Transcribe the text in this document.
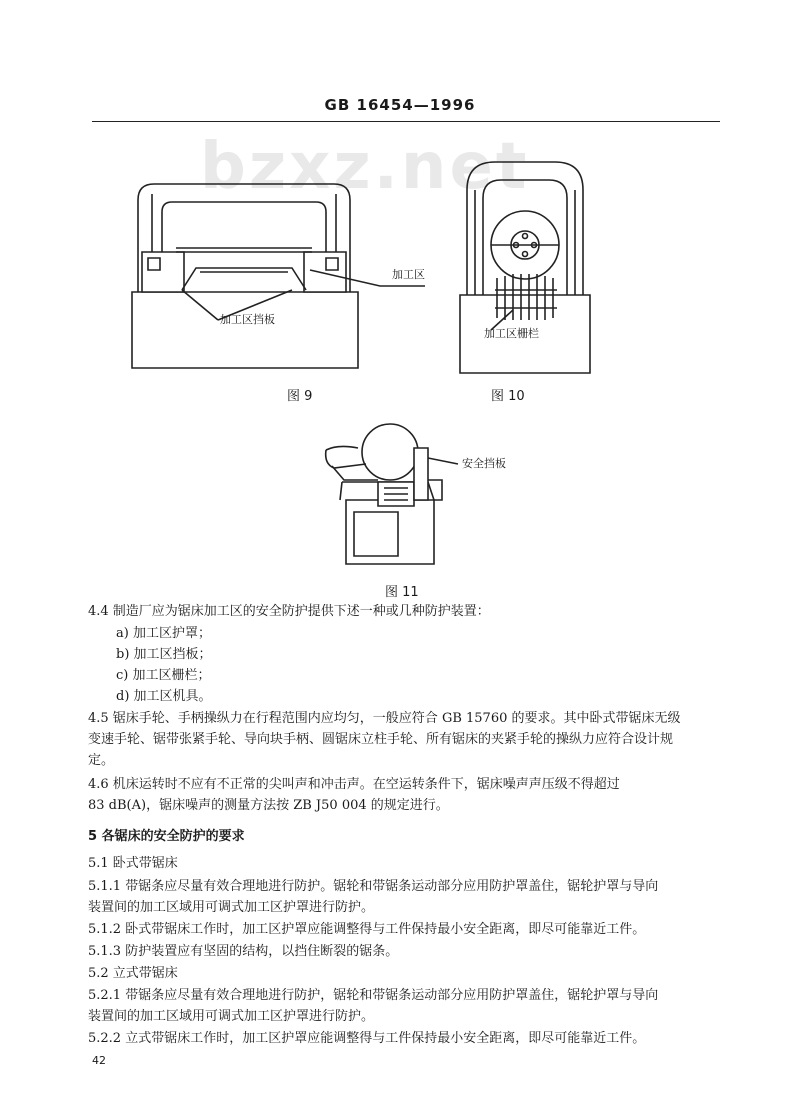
GB 16454—1996
bzxz.net
加工区
加工区挡板
图 9
加工区栅栏
图 10
安全挡板
图 11
4.4 制造厂应为锯床加工区的安全防护提供下述一种或几种防护装置：
a) 加工区护罩；
b) 加工区挡板；
c) 加工区栅栏；
d) 加工区机具。
4.5 锯床手轮、手柄操纵力在行程范围内应均匀，一般应符合 GB 15760 的要求。其中卧式带锯床无级
变速手轮、锯带张紧手轮、导向块手柄、圆锯床立柱手轮、所有锯床的夹紧手轮的操纵力应符合设计规
定。
4.6 机床运转时不应有不正常的尖叫声和冲击声。在空运转条件下，锯床噪声声压级不得超过
83 dB(A)，锯床噪声的测量方法按 ZB J50 004 的规定进行。
5 各锯床的安全防护的要求
5.1 卧式带锯床
5.1.1 带锯条应尽量有效合理地进行防护。锯轮和带锯条运动部分应用防护罩盖住，锯轮护罩与导向
装置间的加工区域用可调式加工区护罩进行防护。
5.1.2 卧式带锯床工作时，加工区护罩应能调整得与工件保持最小安全距离，即尽可能靠近工件。
5.1.3 防护装置应有坚固的结构，以挡住断裂的锯条。
5.2 立式带锯床
5.2.1 带锯条应尽量有效合理地进行防护，锯轮和带锯条运动部分应用防护罩盖住，锯轮护罩与导向
装置间的加工区域用可调式加工区护罩进行防护。
5.2.2 立式带锯床工作时，加工区护罩应能调整得与工件保持最小安全距离，即尽可能靠近工件。
42
